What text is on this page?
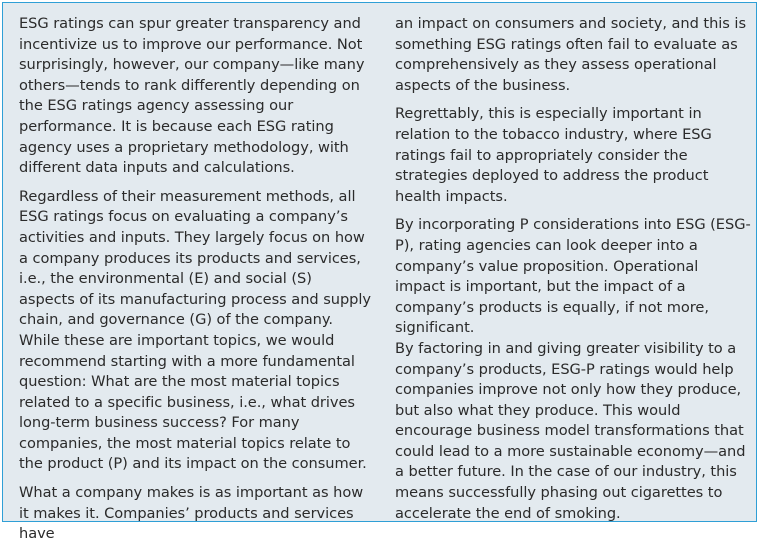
ESG ratings can spur greater transparency and incentivize us to improve our performance. Not surprisingly, however, our company—like many others—tends to rank differently depending on the ESG ratings agency assessing our performance. It is because each ESG rating agency uses a proprietary methodology, with different data inputs and calculations.

Regardless of their measurement methods, all ESG ratings focus on evaluating a company’s activities and inputs. They largely focus on how a company produces its products and services, i.e., the environmental (E) and social (S) aspects of its manufacturing process and supply chain, and governance (G) of the company. While these are important topics, we would recommend starting with a more fundamental question: What are the most material topics related to a specific business, i.e., what drives long-term business success? For many companies, the most material topics relate to the product (P) and its impact on the consumer.

What a company makes is as important as how it makes it. Companies’ products and services have

an impact on consumers and society, and this is something ESG ratings often fail to evaluate as comprehensively as they assess operational aspects of the business.

Regrettably, this is especially important in relation to the tobacco industry, where ESG ratings fail to appropriately consider the strategies deployed to address the product health impacts.

By incorporating P considerations into ESG (ESG-P), rating agencies can look deeper into a company’s value proposition. Operational impact is important, but the impact of a company’s products is equally, if not more, significant.

By factoring in and giving greater visibility to a company’s products, ESG-P ratings would help companies improve not only how they produce, but also what they produce. This would encourage business model transformations that could lead to a more sustainable economy—and a better future. In the case of our industry, this means successfully phasing out cigarettes to accelerate the end of smoking.
